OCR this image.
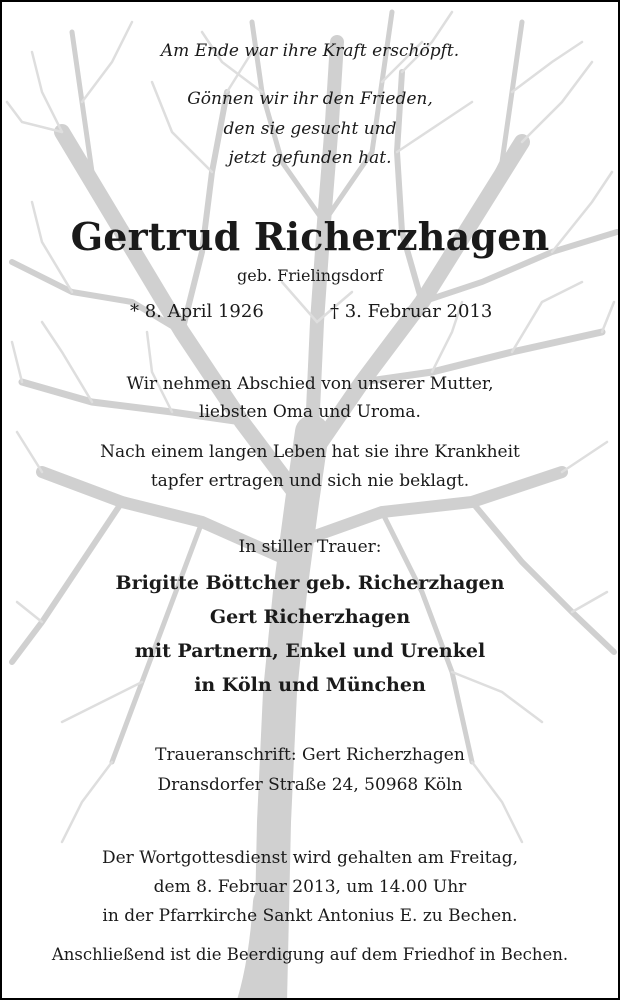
Am Ende war ihre Kraft erschöpft.
Gönnen wir ihr den Frieden,
den sie gesucht und
jetzt gefunden hat.
Gertrud Richerzhagen
geb. Frielingsdorf
* 8. April 1926	† 3. Februar 2013
Wir nehmen Abschied von unserer Mutter,
liebsten Oma und Uroma.
Nach einem langen Leben hat sie ihre Krankheit
tapfer ertragen und sich nie beklagt.
In stiller Trauer:
Brigitte Böttcher geb. Richerzhagen
Gert Richerzhagen
mit Partnern, Enkel und Urenkel
in Köln und München
Traueranschrift: Gert Richerzhagen
Dransdorfer Straße 24, 50968 Köln
Der Wortgottesdienst wird gehalten am Freitag,
dem 8. Februar 2013, um 14.00 Uhr
in der Pfarrkirche Sankt Antonius E. zu Bechen.
Anschließend ist die Beerdigung auf dem Friedhof in Bechen.
